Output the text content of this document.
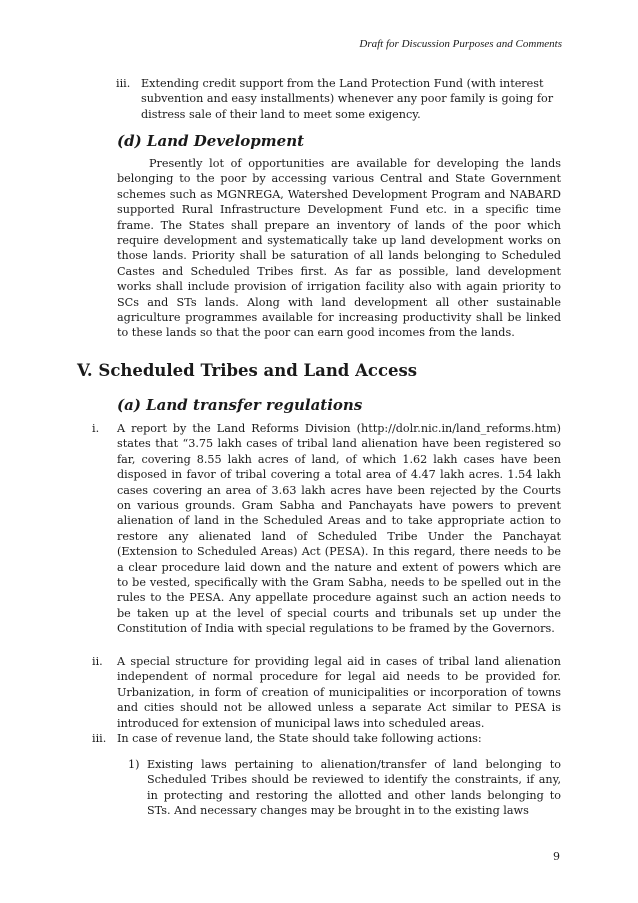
Draft for Discussion Purposes and Comments
iii. Extending credit support from the Land Protection Fund (with interest subvention and easy installments) whenever any poor family is going for distress sale of their land to meet some exigency.
(d) Land Development
Presently lot of opportunities are available for developing the lands belonging to the poor by accessing various Central and State Government schemes such as MGNREGA, Watershed Development Program and NABARD supported Rural Infrastructure Development Fund etc. in a specific time frame. The States shall prepare an inventory of lands of the poor which require development and systematically take up land development works on those lands. Priority shall be saturation of all lands belonging to Scheduled Castes and Scheduled Tribes first. As far as possible, land development works shall include provision of irrigation facility also with again priority to SCs and STs lands. Along with land development all other sustainable agriculture programmes available for increasing productivity shall be linked to these lands so that the poor can earn good incomes from the lands.
V. Scheduled Tribes and Land Access
(a) Land transfer regulations
i. A report by the Land Reforms Division (http://dolr.nic.in/land_reforms.htm) states that “3.75 lakh cases of tribal land alienation have been registered so far, covering 8.55 lakh acres of land, of which 1.62 lakh cases have been disposed in favor of tribal covering a total area of 4.47 lakh acres. 1.54 lakh cases covering an area of 3.63 lakh acres have been rejected by the Courts on various grounds. Gram Sabha and Panchayats have powers to prevent alienation of land in the Scheduled Areas and to take appropriate action to restore any alienated land of Scheduled Tribe Under the Panchayat (Extension to Scheduled Areas) Act (PESA). In this regard, there needs to be a clear procedure laid down and the nature and extent of powers which are to be vested, specifically with the Gram Sabha, needs to be spelled out in the rules to the PESA. Any appellate procedure against such an action needs to be taken up at the level of special courts and tribunals set up under the Constitution of India with special regulations to be framed by the Governors.
ii. A special structure for providing legal aid in cases of tribal land alienation independent of normal procedure for legal aid needs to be provided for. Urbanization, in form of creation of municipalities or incorporation of towns and cities should not be allowed unless a separate Act similar to PESA is introduced for extension of municipal laws into scheduled areas.
iii. In case of revenue land, the State should take following actions:
1) Existing laws pertaining to alienation/transfer of land belonging to Scheduled Tribes should be reviewed to identify the constraints, if any, in protecting and restoring the allotted and other lands belonging to STs. And necessary changes may be brought in to the existing laws
9
